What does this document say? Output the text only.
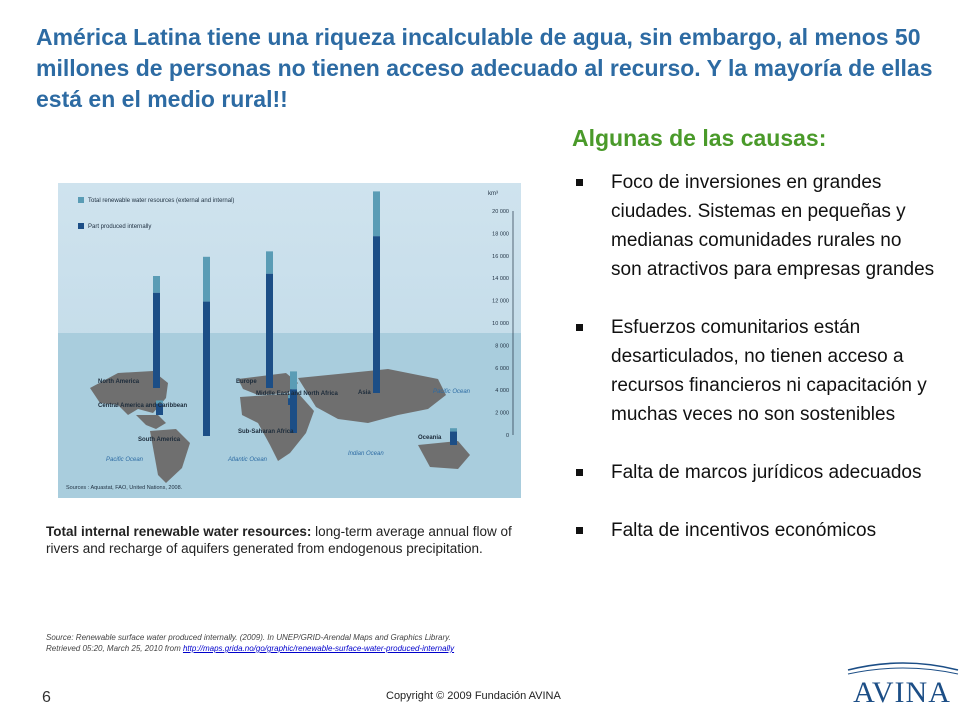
América Latina tiene una riqueza incalculable de agua, sin embargo, al menos 50 millones de personas no tienen acceso adecuado al recurso. Y la mayoría de ellas está en el medio rural!!
Algunas de las causas:
Foco de inversiones en grandes ciudades. Sistemas en pequeñas y medianas comunidades rurales no son atractivos para empresas grandes
Esfuerzos comunitarios están desarticulados, no tienen acceso a recursos financieros ni capacitación y muchas veces no son sostenibles
Falta de marcos jurídicos adecuados
Falta de incentivos económicos
Total renewable water resources (external and internal)
Part produced internally
km³
Sources : Aquastat, FAO, United Nations, 2008.
20 000
18 000
16 000
14 000
12 000
10 000
8 000
6 000
4 000
2 000
0
North America
Central America and Caribbean
South America
Europe
Middle East and North Africa
Sub-Saharan Africa
Asia
Oceania
Pacific Ocean	Atlantic Ocean
Indian Ocean
Pacific Ocean
Total internal renewable water resources: long-term average annual flow of rivers and recharge of aquifers generated from endogenous precipitation.
Source: Renewable surface water produced internally. (2009). In UNEP/GRID-Arendal Maps and Graphics Library.
Retrieved 05:20, March 25, 2010 from http://maps.grida.no/go/graphic/renewable-surface-water-produced-internally
6	Copyright © 2009 Fundación AVINA	AVINA
